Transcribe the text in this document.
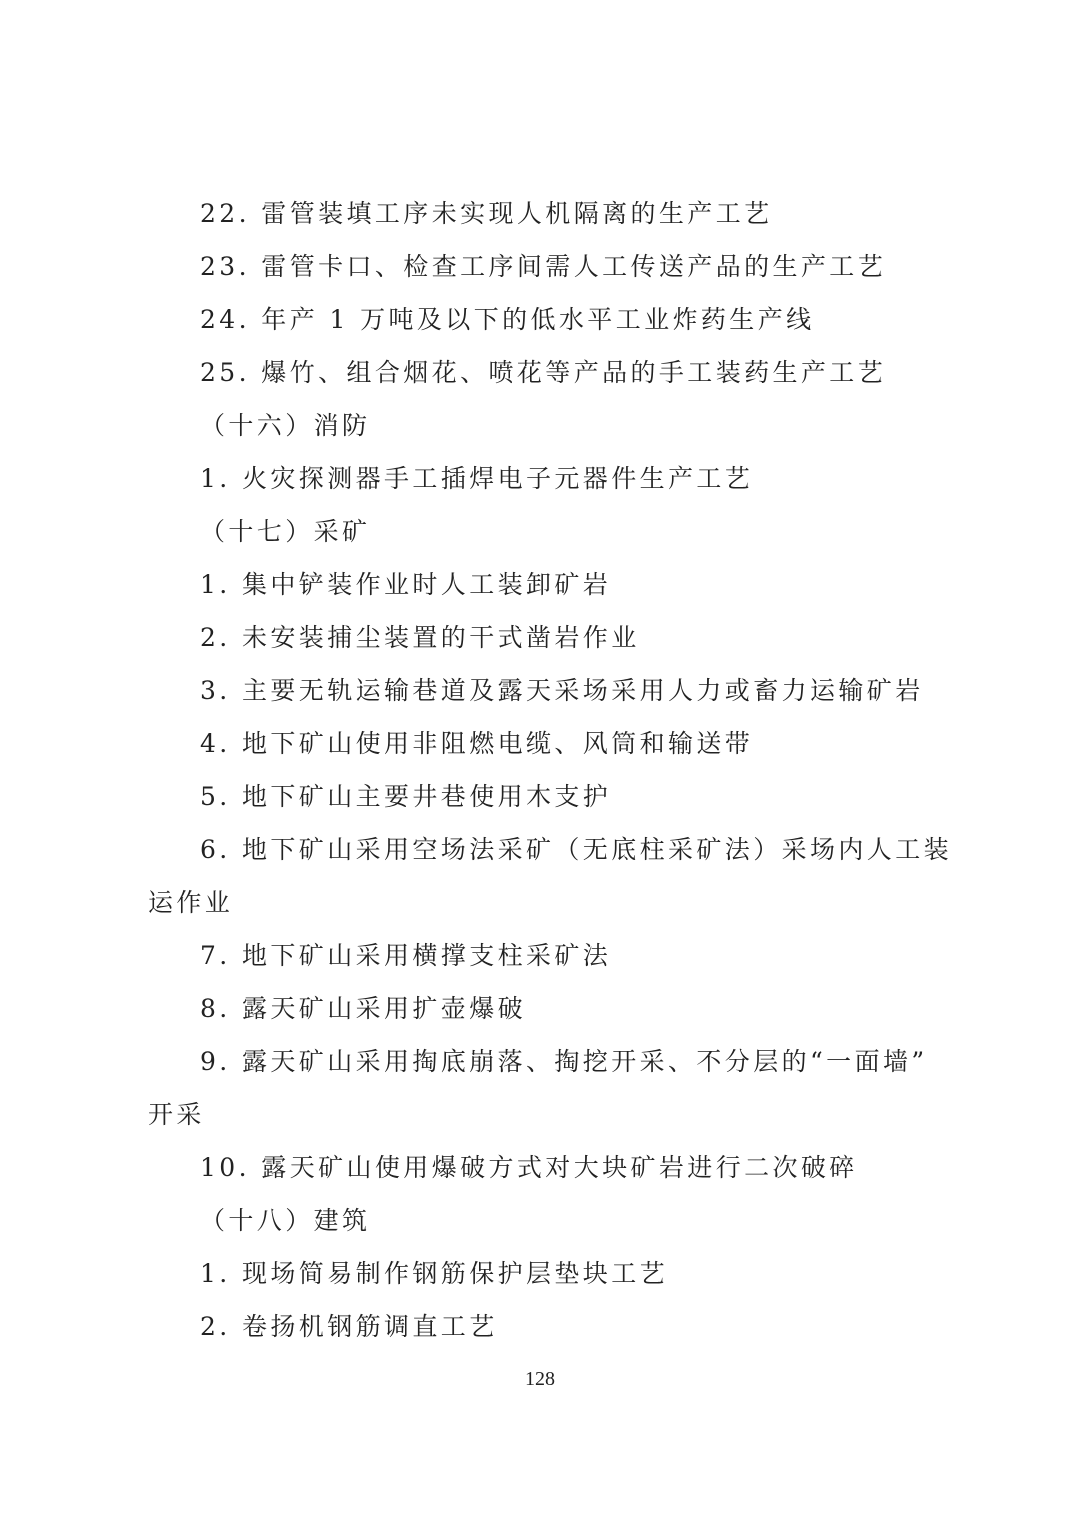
22. 雷管装填工序未实现人机隔离的生产工艺
23. 雷管卡口、检查工序间需人工传送产品的生产工艺
24. 年产 1 万吨及以下的低水平工业炸药生产线
25. 爆竹、组合烟花、喷花等产品的手工装药生产工艺
（十六）消防
1. 火灾探测器手工插焊电子元器件生产工艺
（十七）采矿
1. 集中铲装作业时人工装卸矿岩
2. 未安装捕尘装置的干式凿岩作业
3. 主要无轨运输巷道及露天采场采用人力或畜力运输矿岩
4. 地下矿山使用非阻燃电缆、风筒和输送带
5. 地下矿山主要井巷使用木支护
6. 地下矿山采用空场法采矿（无底柱采矿法）采场内人工装
运作业
7. 地下矿山采用横撑支柱采矿法
8. 露天矿山采用扩壶爆破
9. 露天矿山采用掏底崩落、掏挖开采、不分层的“一面墙”
开采
10. 露天矿山使用爆破方式对大块矿岩进行二次破碎
（十八）建筑
1. 现场简易制作钢筋保护层垫块工艺
2. 卷扬机钢筋调直工艺
128
